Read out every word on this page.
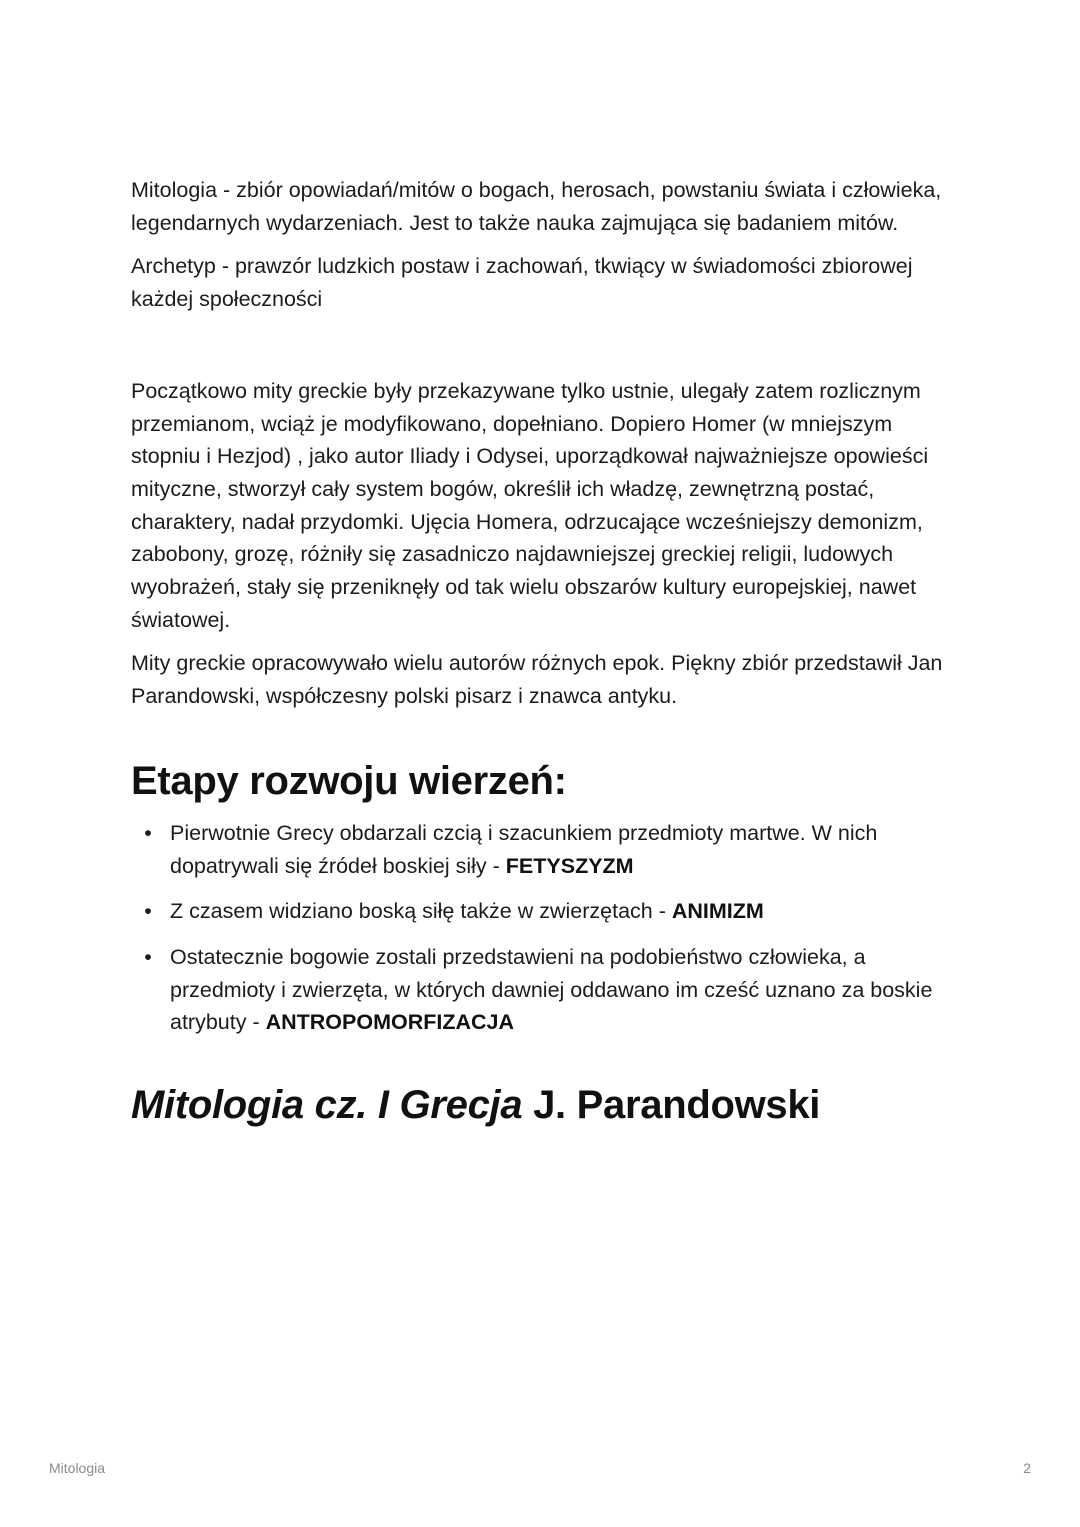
Mitologia - zbiór opowiadań/mitów o bogach, herosach, powstaniu świata i człowieka, legendarnych wydarzeniach. Jest to także nauka zajmująca się badaniem mitów.

Archetyp - prawzór ludzkich postaw i zachowań, tkwiący w świadomości zbiorowej każdej społeczności

Początkowo mity greckie były przekazywane tylko ustnie, ulegały zatem rozlicznym przemianom, wciąż je modyfikowano, dopełniano. Dopiero Homer (w mniejszym stopniu i Hezjod) , jako autor Iliady i Odysei, uporządkował najważniejsze opowieści mityczne, stworzył cały system bogów, określił ich władzę, zewnętrzną postać, charaktery, nadał przydomki. Ujęcia Homera, odrzucające wcześniejszy demonizm, zabobony, grozę, różniły się zasadniczo najdawniejszej greckiej religii, ludowych wyobrażeń, stały się przeniknęły od tak wielu obszarów kultury europejskiej, nawet światowej.

Mity greckie opracowywało wielu autorów różnych epok. Piękny zbiór przedstawił Jan Parandowski, współczesny polski pisarz i znawca antyku.

Etapy rozwoju wierzeń:
• Pierwotnie Grecy obdarzali czcią i szacunkiem przedmioty martwe. W nich dopatrywali się źródeł boskiej siły - FETYSZYZM
• Z czasem widziano boską siłę także w zwierzętach - ANIMIZM
• Ostatecznie bogowie zostali przedstawieni na podobieństwo człowieka, a przedmioty i zwierzęta, w których dawniej oddawano im cześć uznano za boskie atrybuty - ANTROPOMORFIZACJA
Mitologia cz. I Grecja J. Parandowski
Mitologia	2
